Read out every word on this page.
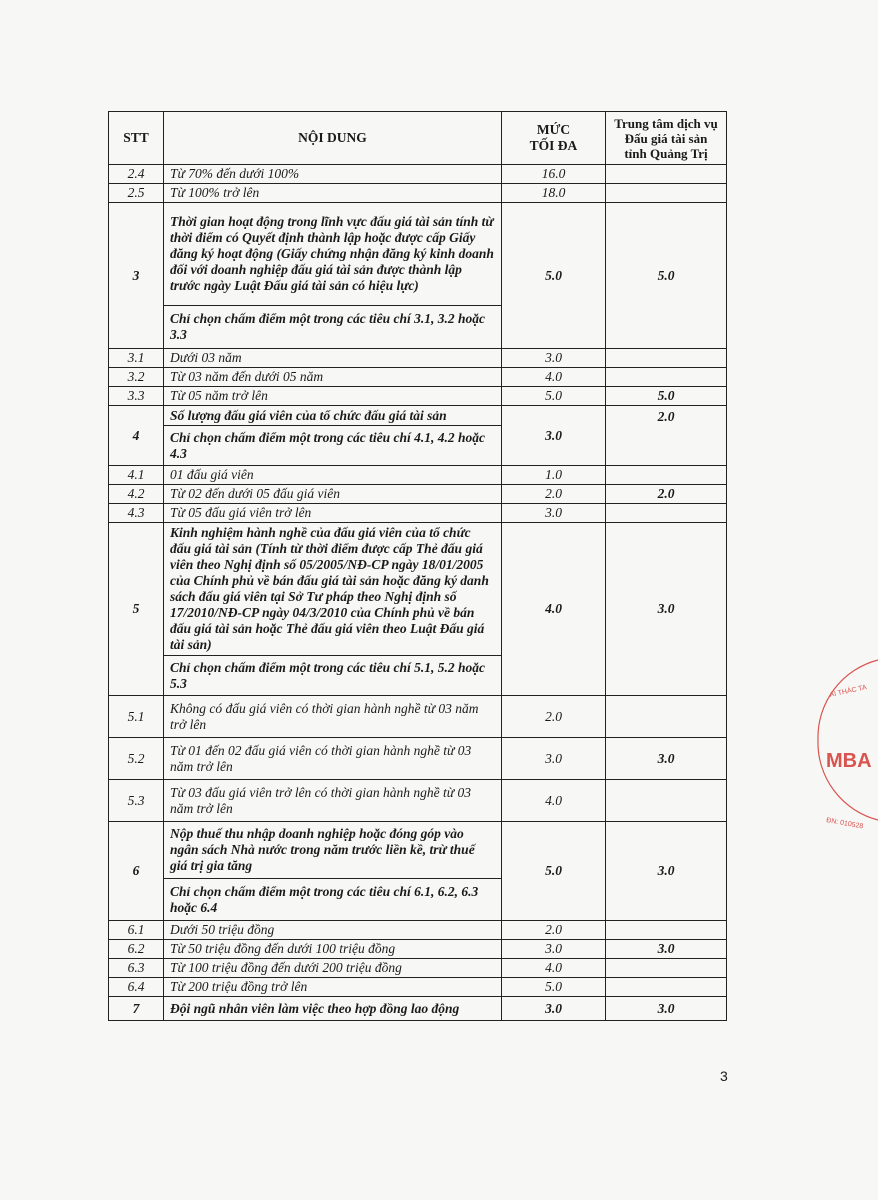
STT	NỘI DUNG	MỨC TỐI ĐA	Trung tâm dịch vụ Đấu giá tài sản tỉnh Quảng Trị
2.4	Từ 70% đến dưới 100%	16.0	
2.5	Từ 100% trở lên	18.0	
3	Thời gian hoạt động trong lĩnh vực đấu giá tài sản tính từ thời điểm có Quyết định thành lập hoặc được cấp Giấy đăng ký hoạt động (Giấy chứng nhận đăng ký kinh doanh đối với doanh nghiệp đấu giá tài sản được thành lập trước ngày Luật Đấu giá tài sản có hiệu lực)	5.0	5.0
	Chỉ chọn chấm điểm một trong các tiêu chí 3.1, 3.2 hoặc 3.3		
3.1	Dưới 03 năm	3.0	
3.2	Từ 03 năm đến dưới 05 năm	4.0	
3.3	Từ 05 năm trở lên	5.0	5.0
4	Số lượng đấu giá viên của tổ chức đấu giá tài sản	3.0	2.0
	Chỉ chọn chấm điểm một trong các tiêu chí 4.1, 4.2 hoặc 4.3		
4.1	01 đấu giá viên	1.0	
4.2	Từ 02 đến dưới 05 đấu giá viên	2.0	2.0
4.3	Từ 05 đấu giá viên trở lên	3.0	
5	Kinh nghiệm hành nghề của đấu giá viên của tổ chức đấu giá tài sản (Tính từ thời điểm được cấp Thẻ đấu giá viên theo Nghị định số 05/2005/NĐ-CP ngày 18/01/2005 của Chính phủ về bán đấu giá tài sản hoặc đăng ký danh sách đấu giá viên tại Sở Tư pháp theo Nghị định số 17/2010/NĐ-CP ngày 04/3/2010 của Chính phủ về bán đấu giá tài sản hoặc Thẻ đấu giá viên theo Luật Đấu giá tài sản)	4.0	3.0
	Chỉ chọn chấm điểm một trong các tiêu chí 5.1, 5.2 hoặc 5.3		
5.1	Không có đấu giá viên có thời gian hành nghề từ 03 năm trở lên	2.0	
5.2	Từ 01 đến 02 đấu giá viên có thời gian hành nghề từ 03 năm trở lên	3.0	3.0
5.3	Từ 03 đấu giá viên trở lên có thời gian hành nghề từ 03 năm trở lên	4.0	
6	Nộp thuế thu nhập doanh nghiệp hoặc đóng góp vào ngân sách Nhà nước trong năm trước liền kề, trừ thuế giá trị gia tăng	5.0	3.0
	Chỉ chọn chấm điểm một trong các tiêu chí 6.1, 6.2, 6.3 hoặc 6.4		
6.1	Dưới 50 triệu đồng	2.0	
6.2	Từ 50 triệu đồng đến dưới 100 triệu đồng	3.0	3.0
6.3	Từ 100 triệu đồng đến dưới 200 triệu đồng	4.0	
6.4	Từ 200 triệu đồng trở lên	5.0	
7	Đội ngũ nhân viên làm việc theo hợp đồng lao động	3.0	3.0
AI THÁC TA
MBA
ĐN: 010528
3
